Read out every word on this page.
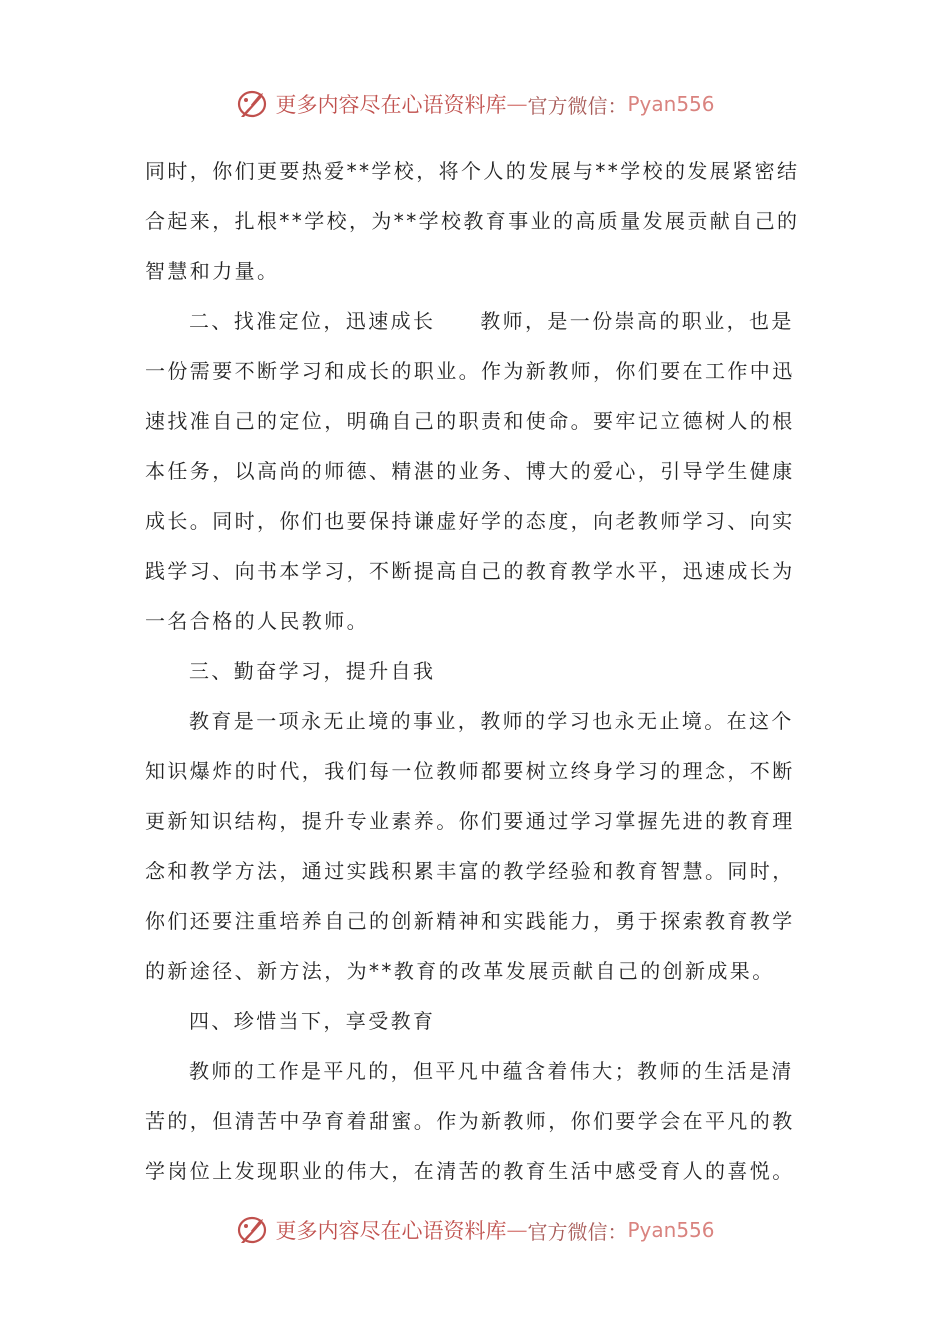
更多内容尽在心语资料库 — 官方微信： Pyan556
同时，你们更要热爱**学校，将个人的发展与**学校的发展紧密结
合起来，扎根**学校，为**学校教育事业的高质量发展贡献自己的
智慧和力量。
二、找准定位，迅速成长　　教师，是一份崇高的职业，也是
一份需要不断学习和成长的职业。作为新教师，你们要在工作中迅
速找准自己的定位，明确自己的职责和使命。要牢记立德树人的根
本任务，以高尚的师德、精湛的业务、博大的爱心，引导学生健康
成长。同时，你们也要保持谦虚好学的态度，向老教师学习、向实
践学习、向书本学习，不断提高自己的教育教学水平，迅速成长为
一名合格的人民教师。
三、勤奋学习，提升自我
教育是一项永无止境的事业，教师的学习也永无止境。在这个
知识爆炸的时代，我们每一位教师都要树立终身学习的理念，不断
更新知识结构，提升专业素养。你们要通过学习掌握先进的教育理
念和教学方法，通过实践积累丰富的教学经验和教育智慧。同时，
你们还要注重培养自己的创新精神和实践能力，勇于探索教育教学
的新途径、新方法，为**教育的改革发展贡献自己的创新成果。
四、珍惜当下，享受教育
教师的工作是平凡的，但平凡中蕴含着伟大；教师的生活是清
苦的，但清苦中孕育着甜蜜。作为新教师，你们要学会在平凡的教
学岗位上发现职业的伟大，在清苦的教育生活中感受育人的喜悦。
更多内容尽在心语资料库 — 官方微信： Pyan556
